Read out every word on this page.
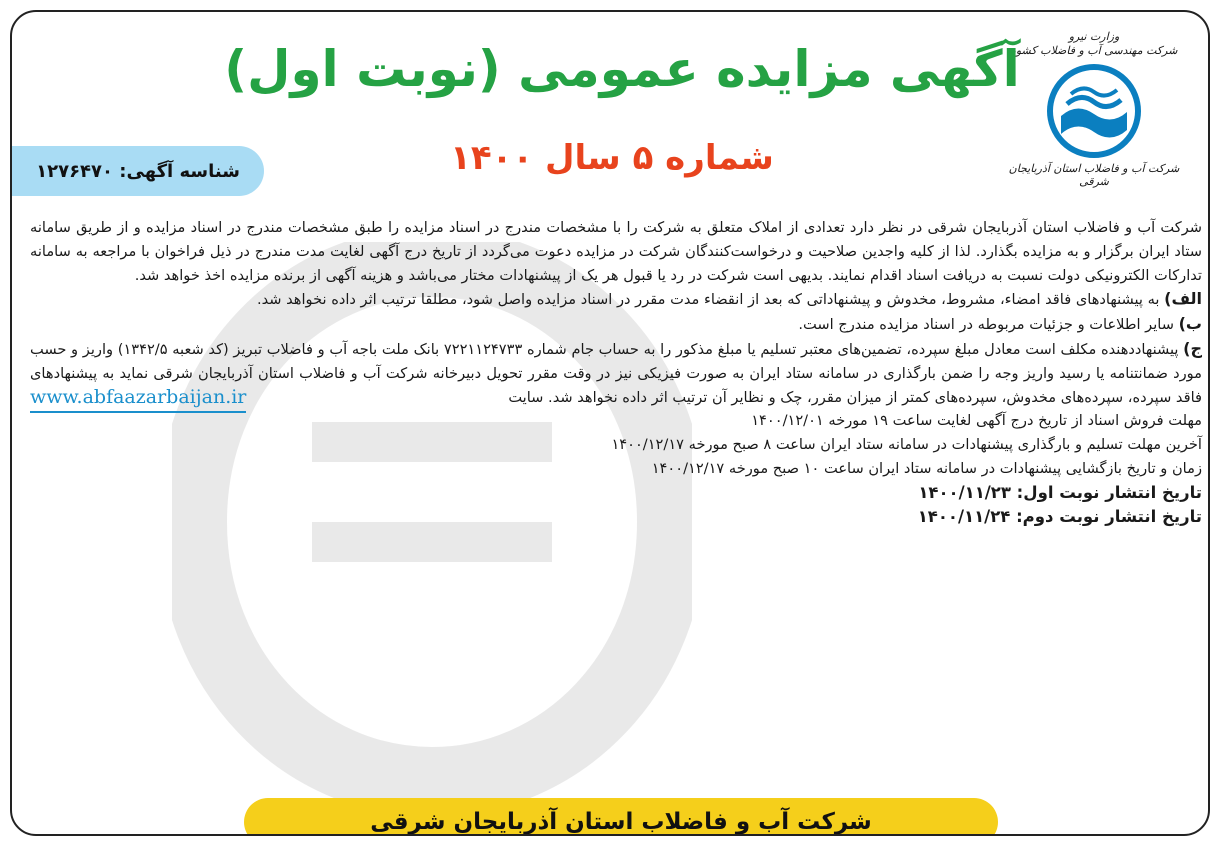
وزارت نیرو
شرکت مهندسی آب و فاضلاب کشور
شرکت آب و فاضلاب استان آذربایجان شرقی
آگهی مزایده عمومی (نوبت اول)
شماره ۵ سال ۱۴۰۰
شناسه آگهی: ۱۲۷۶۴۷۰

شرکت آب و فاضلاب استان آذربایجان شرقی در نظر دارد تعدادی از املاک متعلق به شرکت را با مشخصات مندرج در اسناد مزایده را طبق مشخصات مندرج در اسناد مزایده و از طریق سامانه ستاد ایران برگزار و به مزایده بگذارد. لذا از کلیه واجدین صلاحیت و درخواست‌کنندگان شرکت در مزایده دعوت می‌گردد از تاریخ درج آگهی لغایت مدت مندرج در ذیل فراخوان با مراجعه به سامانه تدارکات الکترونیکی دولت نسبت به دریافت اسناد اقدام نمایند. بدیهی است شرکت در رد یا قبول هر یک از پیشنهادات مختار می‌باشد و هزینه آگهی از برنده مزایده اخذ خواهد شد.

الف) به پیشنهادهای فاقد امضاء، مشروط، مخدوش و پیشنهاداتی که بعد از انقضاء مدت مقرر در اسناد مزایده واصل شود، مطلقا ترتیب اثر داده نخواهد شد.

ب) سایر اطلاعات و جزئیات مربوطه در اسناد مزایده مندرج است.

ج) پیشنهاددهنده مکلف است معادل مبلغ سپرده، تضمین‌های معتبر تسلیم یا مبلغ مذکور را به حساب جام شماره ۷۲۲۱۱۲۴۷۳۳ بانک ملت باجه آب و فاضلاب تبریز (کد شعبه ۱۳۴۲/۵) واریز و حسب مورد ضمانتنامه یا رسید واریز وجه را ضمن بارگذاری در سامانه ستاد ایران به صورت فیزیکی نیز در وقت مقرر تحویل دبیرخانه شرکت آب و فاضلاب استان آذربایجان شرقی نماید به پیشنهادهای فاقد سپرده، سپرده‌های مخدوش، سپرده‌های کمتر از میزان مقرر، چک و نظایر آن ترتیب اثر داده نخواهد شد. سایت
www.abfaazarbaijan.ir

مهلت فروش اسناد از تاریخ درج آگهی لغایت ساعت ۱۹ مورخه ۱۴۰۰/۱۲/۰۱

آخرین مهلت تسلیم و بارگذاری پیشنهادات در سامانه ستاد ایران ساعت ۸ صبح مورخه ۱۴۰۰/۱۲/۱۷

زمان و تاریخ بازگشایی پیشنهادات در سامانه ستاد ایران ساعت ۱۰ صبح مورخه ۱۴۰۰/۱۲/۱۷

تاریخ انتشار نوبت اول: ۱۴۰۰/۱۱/۲۳

تاریخ انتشار نوبت دوم: ۱۴۰۰/۱۱/۲۴

شرکت آب و فاضلاب استان آذربایجان شرقی
